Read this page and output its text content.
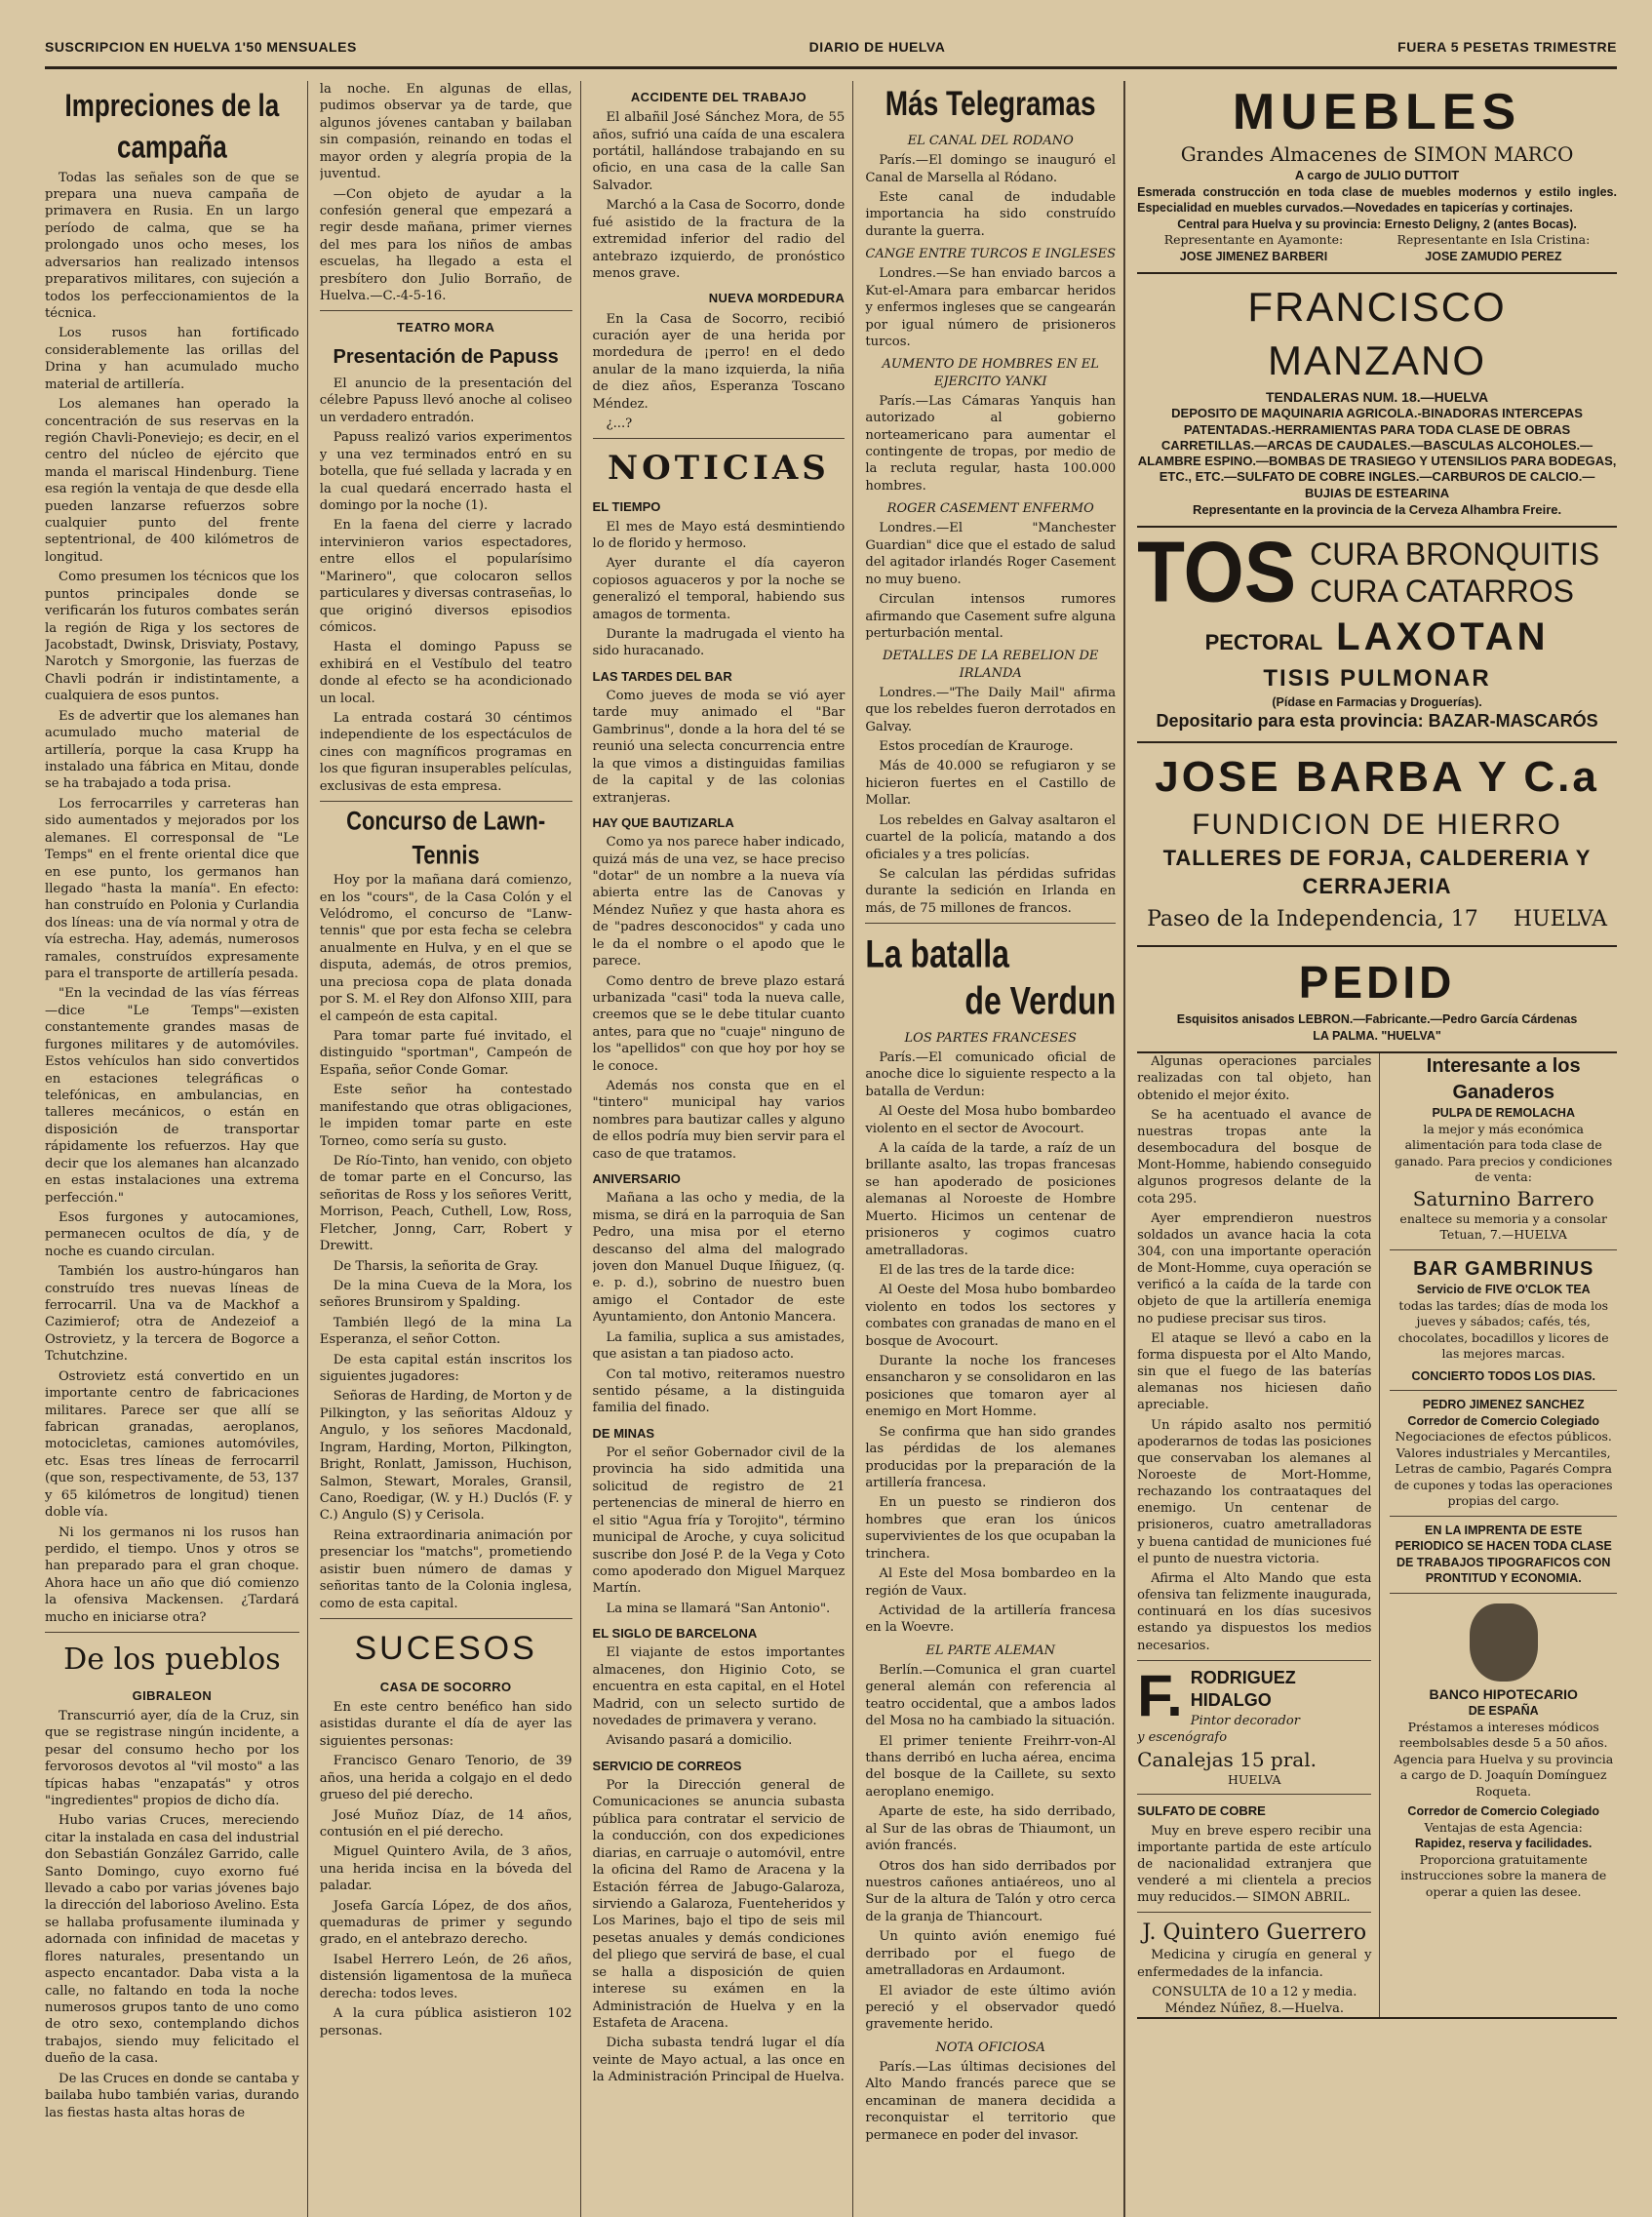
SUSCRIPCION EN HUELVA 1'50 MENSUALES	DIARIO DE HUELVA	FUERA 5 PESETAS TRIMESTRE
Impreciones de la campaña

Todas las señales son de que se prepara una nueva campaña de primavera en Rusia. En un largo período de calma, que se ha prolongado unos ocho meses, los adversarios han realizado intensos preparativos militares, con sujeción a todos los perfeccionamientos de la técnica.

Los rusos han fortificado considerablemente las orillas del Drina y han acumulado mucho material de artillería.

Los alemanes han operado la concentración de sus reservas en la región Chavli-Poneviejo; es decir, en el centro del núcleo de ejército que manda el mariscal Hindenburg. Tiene esa región la ventaja de que desde ella pueden lanzarse refuerzos sobre cualquier punto del frente septentrional, de 400 kilómetros de longitud.

Como presumen los técnicos que los puntos principales donde se verificarán los futuros combates serán la región de Riga y los sectores de Jacobstadt, Dwinsk, Drisviaty, Postavy, Narotch y Smorgonie, las fuerzas de Chavli podrán ir indistintamente, a cualquiera de esos puntos.

Es de advertir que los alemanes han acumulado mucho material de artillería, porque la casa Krupp ha instalado una fábrica en Mitau, donde se ha trabajado a toda prisa.

Los ferrocarriles y carreteras han sido aumentados y mejorados por los alemanes. El corresponsal de "Le Temps" en el frente oriental dice que en ese punto, los germanos han llegado "hasta la manía". En efecto: han construído en Polonia y Curlandia dos líneas: una de vía normal y otra de vía estrecha. Hay, además, numerosos ramales, construídos expresamente para el transporte de artillería pesada.

"En la vecindad de las vías férreas —dice "Le Temps"—existen constantemente grandes masas de furgones militares y de automóviles. Estos vehículos han sido convertidos en estaciones telegráficas o telefónicas, en ambulancias, en talleres mecánicos, o están en disposición de transportar rápidamente los refuerzos. Hay que decir que los alemanes han alcanzado en estas instalaciones una extrema perfección."

Esos furgones y autocamiones, permanecen ocultos de día, y de noche es cuando circulan.

También los austro-húngaros han construído tres nuevas líneas de ferrocarril. Una va de Mackhof a Cazimierof; otra de Andezeiof a Ostrovietz, y la tercera de Bogorce a Tchutchzine.

Ostrovietz está convertido en un importante centro de fabricaciones militares. Parece ser que allí se fabrican granadas, aeroplanos, motocicletas, camiones automóviles, etc. Esas tres líneas de ferrocarril (que son, respectivamente, de 53, 137 y 65 kilómetros de longitud) tienen doble vía.

Ni los germanos ni los rusos han perdido, el tiempo. Unos y otros se han preparado para el gran choque. Ahora hace un año que dió comienzo la ofensiva Mackensen. ¿Tardará mucho en iniciarse otra?

De los pueblos
GIBRALEON

Transcurrió ayer, día de la Cruz, sin que se registrase ningún incidente, a pesar del consumo hecho por los fervorosos devotos al "vil mosto" a las típicas habas "enzapatás" y otros "ingredientes" propios de dicho día.

Hubo varias Cruces, mereciendo citar la instalada en casa del industrial don Sebastián González Garrido, calle Santo Domingo, cuyo exorno fué llevado a cabo por varias jóvenes bajo la dirección del laborioso Avelino. Esta se hallaba profusamente iluminada y adornada con infinidad de macetas y flores naturales, presentando un aspecto encantador. Daba vista a la calle, no faltando en toda la noche numerosos grupos tanto de uno como de otro sexo, contemplando dichos trabajos, siendo muy felicitado el dueño de la casa.

De las Cruces en donde se cantaba y bailaba hubo también varias, durando las fiestas hasta altas horas de

la noche. En algunas de ellas, pudimos observar ya de tarde, que algunos jóvenes cantaban y bailaban sin compasión, reinando en todas el mayor orden y alegría propia de la juventud.

—Con objeto de ayudar a la confesión general que empezará a regir desde mañana, primer viernes del mes para los niños de ambas escuelas, ha llegado a esta el presbítero don Julio Borraño, de Huelva.—C.-4-5-16.

TEATRO MORA
Presentación de Papuss

El anuncio de la presentación del célebre Papuss llevó anoche al coliseo un verdadero entradón.

Papuss realizó varios experimentos y una vez terminados entró en su botella, que fué sellada y lacrada y en la cual quedará encerrado hasta el domingo por la noche (1).

En la faena del cierre y lacrado intervinieron varios espectadores, entre ellos el popularísimo "Marinero", que colocaron sellos particulares y diversas contraseñas, lo que originó diversos episodios cómicos.

Hasta el domingo Papuss se exhibirá en el Vestíbulo del teatro donde al efecto se ha acondicionado un local.

La entrada costará 30 céntimos independiente de los espectáculos de cines con magníficos programas en los que figuran insuperables películas, exclusivas de esta empresa.

Concurso de Lawn-Tennis

Hoy por la mañana dará comienzo, en los "cours", de la Casa Colón y el Velódromo, el concurso de "Lanw-tennis" que por esta fecha se celebra anualmente en Hulva, y en el que se disputa, además, de otros premios, una preciosa copa de plata donada por S. M. el Rey don Alfonso XIII, para el campeón de esta capital.

Para tomar parte fué invitado, el distinguido "sportman", Campeón de España, señor Conde Gomar.

Este señor ha contestado manifestando que otras obligaciones, le impiden tomar parte en este Torneo, como sería su gusto.

De Río-Tinto, han venido, con objeto de tomar parte en el Concurso, las señoritas de Ross y los señores Veritt, Morrison, Peach, Cuthell, Low, Ross, Fletcher, Jonng, Carr, Robert y Drewitt.

De Tharsis, la señorita de Gray.

De la mina Cueva de la Mora, los señores Brunsirom y Spalding.

También llegó de la mina La Esperanza, el señor Cotton.

De esta capital están inscritos los siguientes jugadores:

Señoras de Harding, de Morton y de Pilkington, y las señoritas Aldouz y Angulo, y los señores Macdonald, Ingram, Harding, Morton, Pilkington, Bright, Ronlatt, Jamisson, Huchison, Salmon, Stewart, Morales, Gransil, Cano, Roedigar, (W. y H.) Duclós (F. y C.) Angulo (S) y Cerisola.

Reina extraordinaria animación por presenciar los "matchs", prometiendo asistir buen número de damas y señoritas tanto de la Colonia inglesa, como de esta capital.

SUCESOS
CASA DE SOCORRO

En este centro benéfico han sido asistidas durante el día de ayer las siguientes personas:

Francisco Genaro Tenorio, de 39 años, una herida a colgajo en el dedo grueso del pié derecho.

José Muñoz Díaz, de 14 años, contusión en el pié derecho.

Miguel Quintero Avila, de 3 años, una herida incisa en la bóveda del paladar.

Josefa García López, de dos años, quemaduras de primer y segundo grado, en el antebrazo derecho.

Isabel Herrero León, de 26 años, distensión ligamentosa de la muñeca derecha: todos leves.

A la cura pública asistieron 102 personas.

ACCIDENTE DEL TRABAJO

El albañil José Sánchez Mora, de 55 años, sufrió una caída de una escalera portátil, hallándose trabajando en su oficio, en una casa de la calle San Salvador.

Marchó a la Casa de Socorro, donde fué asistido de la fractura de la extremidad inferior del radio del antebrazo izquierdo, de pronóstico menos grave.

NUEVA MORDEDURA

En la Casa de Socorro, recibió curación ayer de una herida por mordedura de ¡perro! en el dedo anular de la mano izquierda, la niña de diez años, Esperanza Toscano Méndez.

¿...?

NOTICIAS
EL TIEMPO

El mes de Mayo está desmintiendo lo de florido y hermoso.

Ayer durante el día cayeron copiosos aguaceros y por la noche se generalizó el temporal, habiendo sus amagos de tormenta.

Durante la madrugada el viento ha sido huracanado.

LAS TARDES DEL BAR

Como jueves de moda se vió ayer tarde muy animado el "Bar Gambrinus", donde a la hora del té se reunió una selecta concurrencia entre la que vimos a distinguidas familias de la capital y de las colonias extranjeras.

HAY QUE BAUTIZARLA

Como ya nos parece haber indicado, quizá más de una vez, se hace preciso "dotar" de un nombre a la nueva vía abierta entre las de Canovas y Méndez Nuñez y que hasta ahora es de "padres desconocidos" y cada uno le da el nombre o el apodo que le parece.

Como dentro de breve plazo estará urbanizada "casi" toda la nueva calle, creemos que se le debe titular cuanto antes, para que no "cuaje" ninguno de los "apellidos" con que hoy por hoy se le conoce.

Además nos consta que en el "tintero" municipal hay varios nombres para bautizar calles y alguno de ellos podría muy bien servir para el caso de que tratamos.

ANIVERSARIO

Mañana a las ocho y media, de la misma, se dirá en la parroquia de San Pedro, una misa por el eterno descanso del alma del malogrado joven don Manuel Duque Iñiguez, (q. e. p. d.), sobrino de nuestro buen amigo el Contador de este Ayuntamiento, don Antonio Mancera.

La familia, suplica a sus amistades, que asistan a tan piadoso acto.

Con tal motivo, reiteramos nuestro sentido pésame, a la distinguida familia del finado.

DE MINAS

Por el señor Gobernador civil de la provincia ha sido admitida una solicitud de registro de 21 pertenencias de mineral de hierro en el sitio "Agua fría y Torojito", término municipal de Aroche, y cuya solicitud suscribe don José P. de la Vega y Coto como apoderado don Miguel Marquez Martín.

La mina se llamará "San Antonio".

EL SIGLO DE BARCELONA

El viajante de estos importantes almacenes, don Higinio Coto, se encuentra en esta capital, en el Hotel Madrid, con un selecto surtido de novedades de primavera y verano.

Avisando pasará a domicilio.

SERVICIO DE CORREOS

Por la Dirección general de Comunicaciones se anuncia subasta pública para contratar el servicio de la conducción, con dos expediciones diarias, en carruaje o automóvil, entre la oficina del Ramo de Aracena y la Estación férrea de Jabugo-Galaroza, sirviendo a Galaroza, Fuenteheridos y Los Marines, bajo el tipo de seis mil pesetas anuales y demás condiciones del pliego que servirá de base, el cual se halla a disposición de quien interese su exámen en la Administración de Huelva y en la Estafeta de Aracena.

Dicha subasta tendrá lugar el día veinte de Mayo actual, a las once en la Administración Principal de Huelva.

Más Telegramas
EL CANAL DEL RODANO

París.—El domingo se inauguró el Canal de Marsella al Ródano.

Este canal de indudable importancia ha sido construído durante la guerra.

CANGE ENTRE TURCOS E INGLESES

Londres.—Se han enviado barcos a Kut-el-Amara para embarcar heridos y enfermos ingleses que se cangearán por igual número de prisioneros turcos.

AUMENTO DE HOMBRES EN EL EJERCITO YANKI

París.—Las Cámaras Yanquis han autorizado al gobierno norteamericano para aumentar el contingente de tropas, por medio de la recluta regular, hasta 100.000 hombres.

ROGER CASEMENT ENFERMO

Londres.—El "Manchester Guardian" dice que el estado de salud del agitador irlandés Roger Casement no muy bueno.

Circulan intensos rumores afirmando que Casement sufre alguna perturbación mental.

DETALLES DE LA REBELION DE IRLANDA

Londres.—"The Daily Mail" afirma que los rebeldes fueron derrotados en Galvay.

Estos procedían de Krauroge.

Más de 40.000 se refugiaron y se hicieron fuertes en el Castillo de Mollar.

Los rebeldes en Galvay asaltaron el cuartel de la policía, matando a dos oficiales y a tres policías.

Se calculan las pérdidas sufridas durante la sedición en Irlanda en más, de 75 millones de francos.

La batalla
de Verdun
LOS PARTES FRANCESES

París.—El comunicado oficial de anoche dice lo siguiente respecto a la batalla de Verdun:

Al Oeste del Mosa hubo bombardeo violento en el sector de Avocourt.

A la caída de la tarde, a raíz de un brillante asalto, las tropas francesas se han apoderado de posiciones alemanas al Noroeste de Hombre Muerto. Hicimos un centenar de prisioneros y cogimos cuatro ametralladoras.

El de las tres de la tarde dice:

Al Oeste del Mosa hubo bombardeo violento en todos los sectores y combates con granadas de mano en el bosque de Avocourt.

Durante la noche los franceses ensancharon y se consolidaron en las posiciones que tomaron ayer al enemigo en Mort Homme.

Se confirma que han sido grandes las pérdidas de los alemanes producidas por la preparación de la artillería francesa.

En un puesto se rindieron dos hombres que eran los únicos supervivientes de los que ocupaban la trinchera.

Al Este del Mosa bombardeo en la región de Vaux.

Actividad de la artillería francesa en la Woevre.

EL PARTE ALEMAN

Berlín.—Comunica el gran cuartel general alemán con referencia al teatro occidental, que a ambos lados del Mosa no ha cambiado la situación.

El primer teniente Freihrr-von-Al thans derribó en lucha aérea, encima del bosque de la Caillete, su sexto aeroplano enemigo.

Aparte de este, ha sido derribado, al Sur de las obras de Thiaumont, un avión francés.

Otros dos han sido derribados por nuestros cañones antiaéreos, uno al Sur de la altura de Talón y otro cerca de la granja de Thiancourt.

Un quinto avión enemigo fué derribado por el fuego de ametralladoras en Ardaumont.

El aviador de este último avión pereció y el observador quedó gravemente herido.

NOTA OFICIOSA

París.—Las últimas decisiones del Alto Mando francés parece que se encaminan de manera decidida a reconquistar el territorio que permanece en poder del invasor.

MUEBLES
Grandes Almacenes de SIMON MARCO
A cargo de JULIO DUTTOIT
Esmerada construcción en toda clase de muebles modernos y estilo ingles. Especialidad en muebles curvados.—Novedades en tapicerías y cortinajes.
Central para Huelva y su provincia: Ernesto Deligny, 2 (antes Bocas).
Representante en Ayamonte:
JOSE JIMENEZ BARBERI
Representante en Isla Cristina:
JOSE ZAMUDIO PEREZ
FRANCISCO MANZANO
TENDALERAS NUM. 18.—HUELVA
DEPOSITO DE MAQUINARIA AGRICOLA.-BINADORAS INTERCEPAS PATENTADAS.-HERRAMIENTAS PARA TODA CLASE DE OBRAS CARRETILLAS.—ARCAS DE CAUDALES.—BASCULAS ALCOHOLES.—ALAMBRE ESPINO.—BOMBAS DE TRASIEGO Y UTENSILIOS PARA BODEGAS, ETC., ETC.—SULFATO DE COBRE INGLES.—CARBUROS DE CALCIO.—BUJIAS DE ESTEARINA
Representante en la provincia de la Cerveza Alhambra Freire.
TOS CURA BRONQUITIS
CURA CATARROS
PECTORAL LAXOTAN
TISIS PULMONAR
(Pídase en Farmacias y Droguerías).
Depositario para esta provincia: BAZAR-MASCARÓS
JOSE BARBA Y C.a
FUNDICION DE HIERRO
TALLERES DE FORJA, CALDERERIA Y CERRAJERIA
Paseo de la Independencia, 17 HUELVA
PEDID
Esquisitos anisados LEBRON.—Fabricante.—Pedro García Cárdenas
LA PALMA. "HUELVA"

Algunas operaciones parciales realizadas con tal objeto, han obtenido el mejor éxito.

Se ha acentuado el avance de nuestras tropas ante la desembocadura del bosque de Mont-Homme, habiendo conseguido algunos progresos delante de la cota 295.

Ayer emprendieron nuestros soldados un avance hacia la cota 304, con una importante operación de Mont-Homme, cuya operación se verificó a la caída de la tarde con objeto de que la artillería enemiga no pudiese precisar sus tiros.

El ataque se llevó a cabo en la forma dispuesta por el Alto Mando, sin que el fuego de las baterías alemanas nos hiciesen daño apreciable.

Un rápido asalto nos permitió apoderarnos de todas las posiciones que conservaban los alemanes al Noroeste de Mort-Homme, rechazando los contraataques del enemigo. Un centenar de prisioneros, cuatro ametralladoras y buena cantidad de municiones fué el punto de nuestra victoria.

Afirma el Alto Mando que esta ofensiva tan felizmente inaugurada, continuará en los días sucesivos estando ya dispuestos los medios necesarios.

F. RODRIGUEZ HIDALGO
Pintor decorador
y escenógrafo
Canalejas 15 pral.
HUELVA
SULFATO DE COBRE

Muy en breve espero recibir una importante partida de este artículo de nacionalidad extranjera que venderé a mi clientela a precios muy reducidos.— SIMON ABRIL.

J. Quintero Guerrero

Medicina y cirugía en general y enfermedades de la infancia.

CONSULTA de 10 a 12 y media.
Méndez Núñez, 8.—Huelva.
Interesante a los Ganaderos
PULPA DE REMOLACHA
la mejor y más económica alimentación para toda clase de ganado. Para precios y condiciones de venta:
Saturnino Barrero
enaltece su memoria y a consolar Tetuan, 7.—HUELVA
BAR GAMBRINUS
Servicio de FIVE O'CLOK TEA
todas las tardes; días de moda los jueves y sábados; cafés, tés, chocolates, bocadillos y licores de las mejores marcas.
CONCIERTO TODOS LOS DIAS.
PEDRO JIMENEZ SANCHEZ
Corredor de Comercio Colegiado
Negociaciones de efectos públicos. Valores industriales y Mercantiles, Letras de cambio, Pagarés Compra de cupones y todas las operaciones propias del cargo.
EN LA IMPRENTA DE ESTE PERIODICO SE HACEN TODA CLASE DE TRABAJOS TIPOGRAFICOS CON PRONTITUD Y ECONOMIA.
BANCO HIPOTECARIO
DE ESPAÑA
Préstamos a intereses módicos reembolsables desde 5 a 50 años.
Agencia para Huelva y su provincia a cargo de D. Joaquín Domínguez Roqueta.
Corredor de Comercio Colegiado
Ventajas de esta Agencia:
Rapidez, reserva y facilidades.
Proporciona gratuitamente instrucciones sobre la manera de operar a quien las desee.
